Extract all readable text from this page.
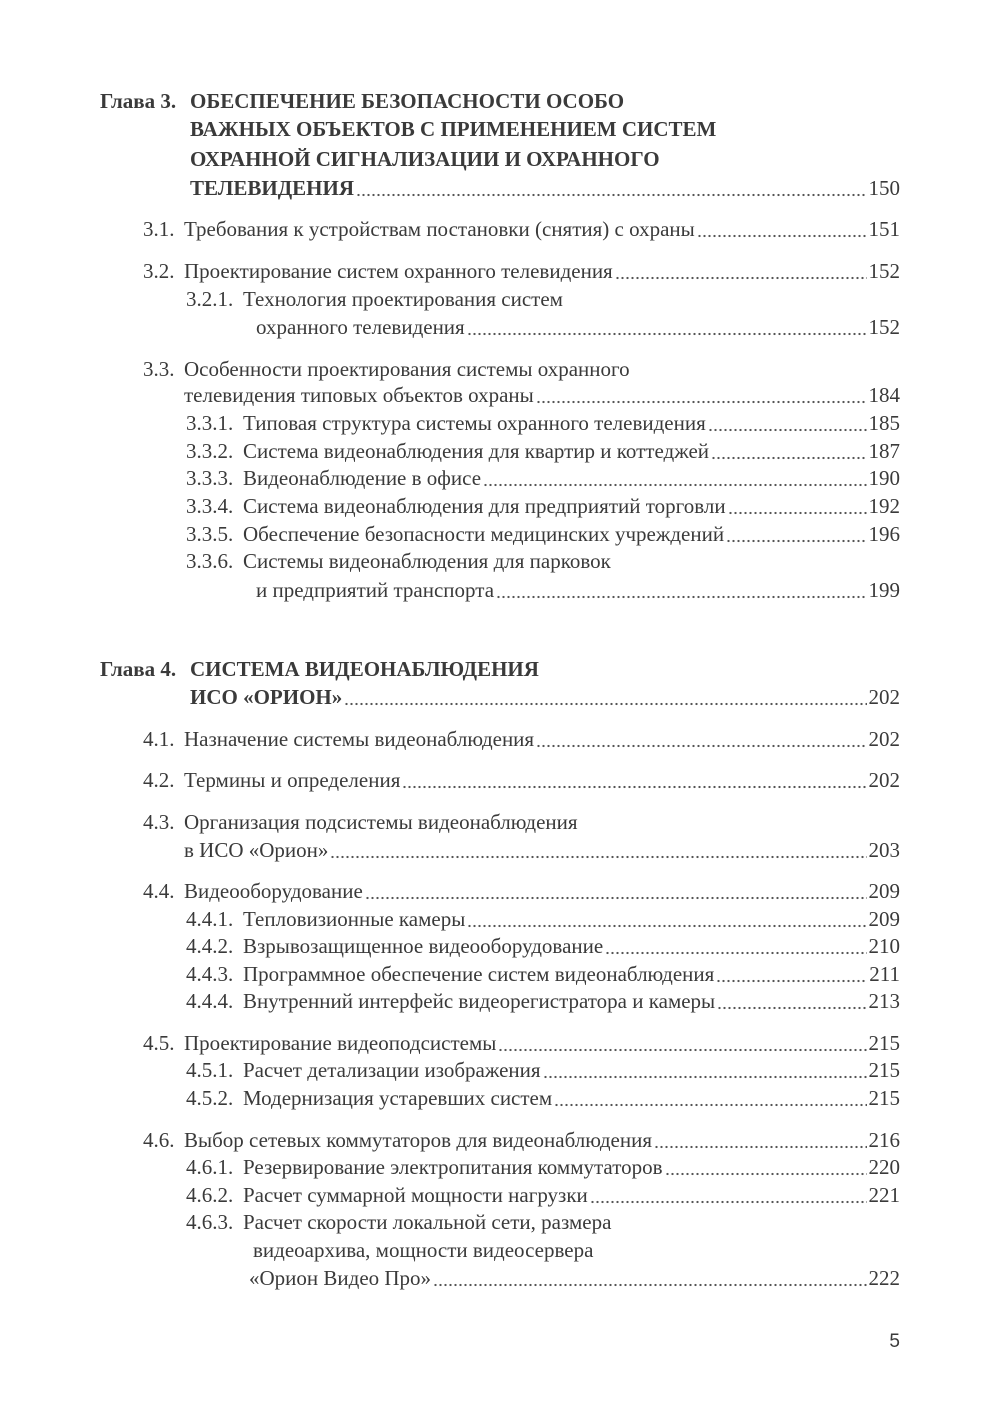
Глава 3. ОБЕСПЕЧЕНИЕ БЕЗОПАСНОСТИ ОСОБО
ВАЖНЫХ ОБЪЕКТОВ С ПРИМЕНЕНИЕМ СИСТЕМ
ОХРАННОЙ СИГНАЛИЗАЦИИ И ОХРАННОГО
ТЕЛЕВИДЕНИЯ	150
3.1. Требования к устройствам постановки (снятия) с охраны	151
3.2. Проектирование систем охранного телевидения	152
3.2.1. Технология проектирования систем
охранного телевидения	152
3.3. Особенности проектирования системы охранного
телевидения типовых объектов охраны	184
3.3.1. Типовая структура системы охранного телевидения	185
3.3.2. Система видеонаблюдения для квартир и коттеджей	187
3.3.3. Видеонаблюдение в офисе	190
3.3.4. Система видеонаблюдения для предприятий торговли	192
3.3.5. Обеспечение безопасности медицинских учреждений	196
3.3.6. Системы видеонаблюдения для парковок
и предприятий транспорта	199
Глава 4. СИСТЕМА ВИДЕОНАБЛЮДЕНИЯ
ИСО «ОРИОН»	202
4.1. Назначение системы видеонаблюдения	202
4.2. Термины и определения	202
4.3. Организация подсистемы видеонаблюдения
в ИСО «Орион»	203
4.4. Видеооборудование	209
4.4.1. Тепловизионные камеры	209
4.4.2. Взрывозащищенное видеооборудование	210
4.4.3. Программное обеспечение систем видеонаблюдения	211
4.4.4. Внутренний интерфейс видеорегистратора и камеры	213
4.5. Проектирование видеоподсистемы	215
4.5.1. Расчет детализации изображения	215
4.5.2. Модернизация устаревших систем	215
4.6. Выбор сетевых коммутаторов для видеонаблюдения	216
4.6.1. Резервирование электропитания коммутаторов	220
4.6.2. Расчет суммарной мощности нагрузки	221
4.6.3. Расчет скорости локальной сети, размера
видеоархива, мощности видеосервера
«Орион Видео Про»	222
5
